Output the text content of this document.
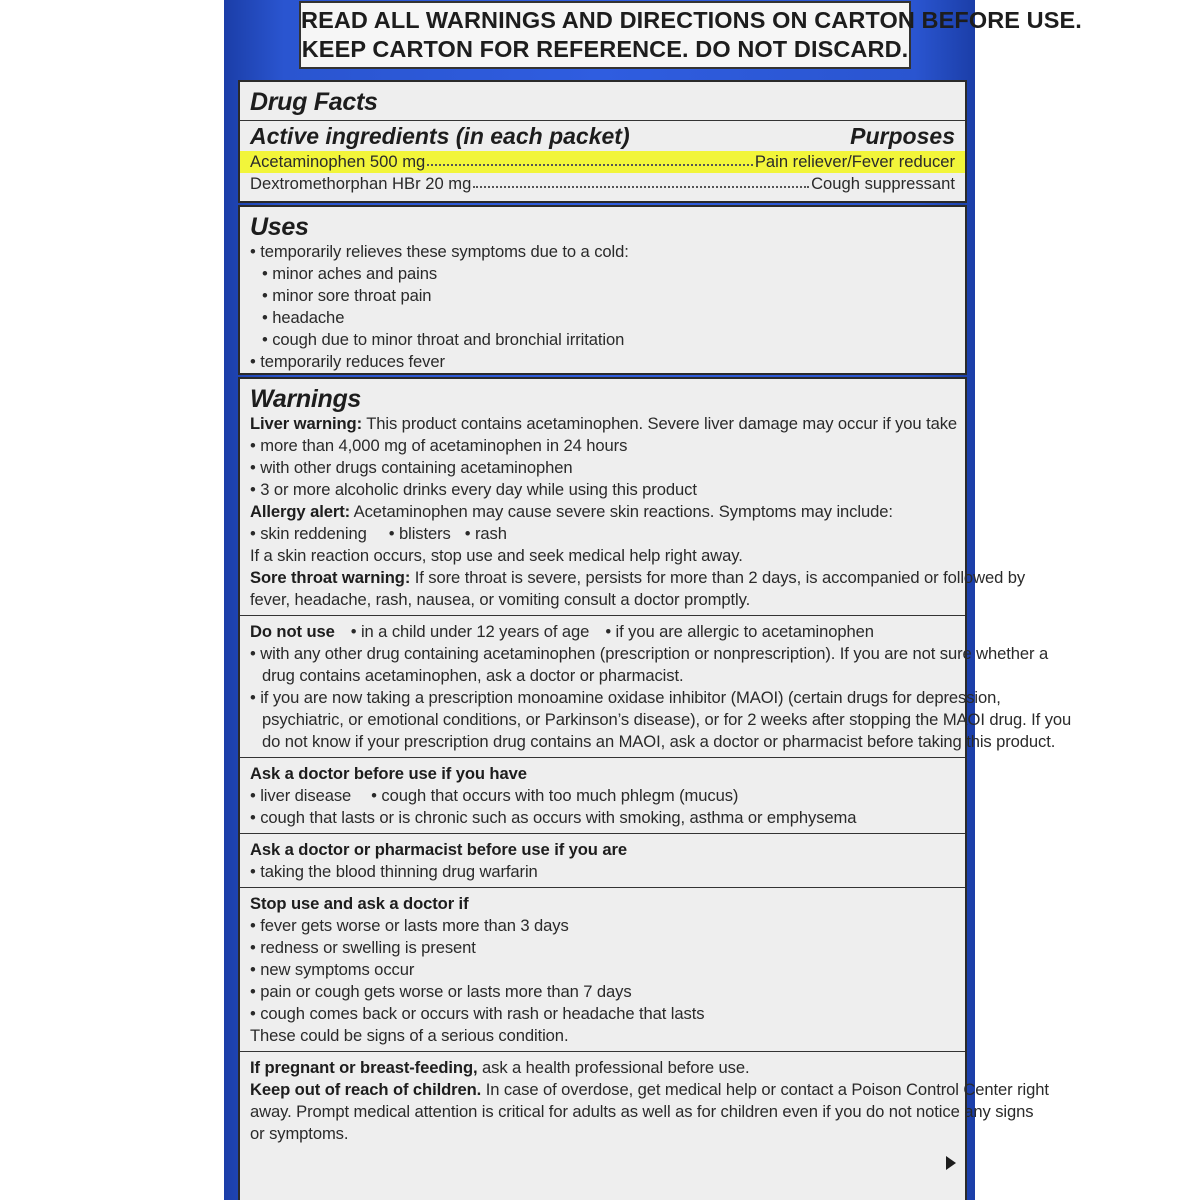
READ ALL WARNINGS AND DIRECTIONS ON CARTON BEFORE USE.
KEEP CARTON FOR REFERENCE. DO NOT DISCARD.
Drug Facts
Active ingredients (in each packet)	Purposes
Acetaminophen 500 mg	Pain reliever/Fever reducer
Dextromethorphan HBr 20 mg	Cough suppressant
Uses
• temporarily relieves these symptoms due to a cold:
• minor aches and pains
• minor sore throat pain
• headache
• cough due to minor throat and bronchial irritation
• temporarily reduces fever
Warnings
Liver warning: This product contains acetaminophen. Severe liver damage may occur if you take
• more than 4,000 mg of acetaminophen in 24 hours
• with other drugs containing acetaminophen
• 3 or more alcoholic drinks every day while using this product
Allergy alert: Acetaminophen may cause severe skin reactions. Symptoms may include:
• skin reddening • blisters • rash
If a skin reaction occurs, stop use and seek medical help right away.
Sore throat warning: If sore throat is severe, persists for more than 2 days, is accompanied or followed by
fever, headache, rash, nausea, or vomiting consult a doctor promptly.
Do not use • in a child under 12 years of age • if you are allergic to acetaminophen
• with any other drug containing acetaminophen (prescription or nonprescription). If you are not sure whether a
drug contains acetaminophen, ask a doctor or pharmacist.
• if you are now taking a prescription monoamine oxidase inhibitor (MAOI) (certain drugs for depression,
psychiatric, or emotional conditions, or Parkinson’s disease), or for 2 weeks after stopping the MAOI drug. If you
do not know if your prescription drug contains an MAOI, ask a doctor or pharmacist before taking this product.
Ask a doctor before use if you have
• liver disease • cough that occurs with too much phlegm (mucus)
• cough that lasts or is chronic such as occurs with smoking, asthma or emphysema
Ask a doctor or pharmacist before use if you are
• taking the blood thinning drug warfarin
Stop use and ask a doctor if
• fever gets worse or lasts more than 3 days
• redness or swelling is present
• new symptoms occur
• pain or cough gets worse or lasts more than 7 days
• cough comes back or occurs with rash or headache that lasts
These could be signs of a serious condition.
If pregnant or breast-feeding, ask a health professional before use.
Keep out of reach of children. In case of overdose, get medical help or contact a Poison Control Center right
away. Prompt medical attention is critical for adults as well as for children even if you do not notice any signs
or symptoms.
